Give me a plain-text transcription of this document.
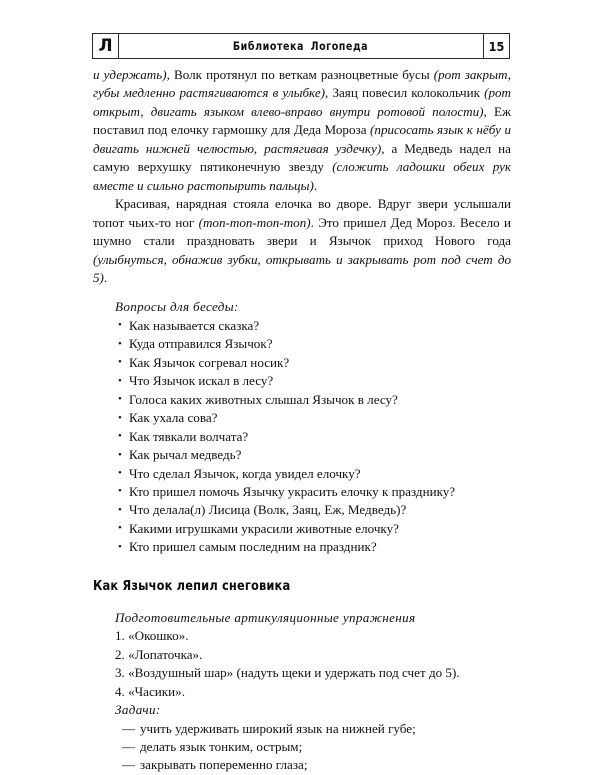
Л	Библиотека Логопеда	15

и удержать), Волк протянул по веткам разноцветные бусы (рот закрыт, губы медленно растягиваются в улыбке), Заяц повесил колокольчик (рот открыт, двигать языком влево-вправо внутри ротовой полости), Еж поставил под елочку гармошку для Деда Мороза (присосать язык к нёбу и двигать нижней челюстью, растягивая уздечку), а Медведь надел на самую верхушку пятиконечную звезду (сложить ладошки обеих рук вместе и сильно растопырить пальцы).

Красивая, нарядная стояла елочка во дворе. Вдруг звери услышали топот чьих-то ног (топ-топ-топ-топ). Это пришел Дед Мороз. Весело и шумно стали праздновать звери и Язычок приход Нового года (улыбнуться, обнажив зубки, открывать и закрывать рот под счет до 5).

Вопросы для беседы:

• Как называется сказка?
• Куда отправился Язычок?
• Как Язычок согревал носик?
• Что Язычок искал в лесу?
• Голоса каких животных слышал Язычок в лесу?
• Как ухала сова?
• Как тявкали волчата?
• Как рычал медведь?
• Что сделал Язычок, когда увидел елочку?
• Кто пришел помочь Язычку украсить елочку к празднику?
• Что делала(л) Лисица (Волк, Заяц, Еж, Медведь)?
• Какими игрушками украсили животные елочку?
• Кто пришел самым последним на праздник?
Как Язычок лепил снеговика

Подготовительные артикуляционные упражнения

1. «Окошко».
2. «Лопаточка».
3. «Воздушный шар» (надуть щеки и удержать под счет до 5).
4. «Часики».

Задачи:

— учить удерживать широкий язык на нижней губе;
— делать язык тонким, острым;
— закрывать попеременно глаза;
